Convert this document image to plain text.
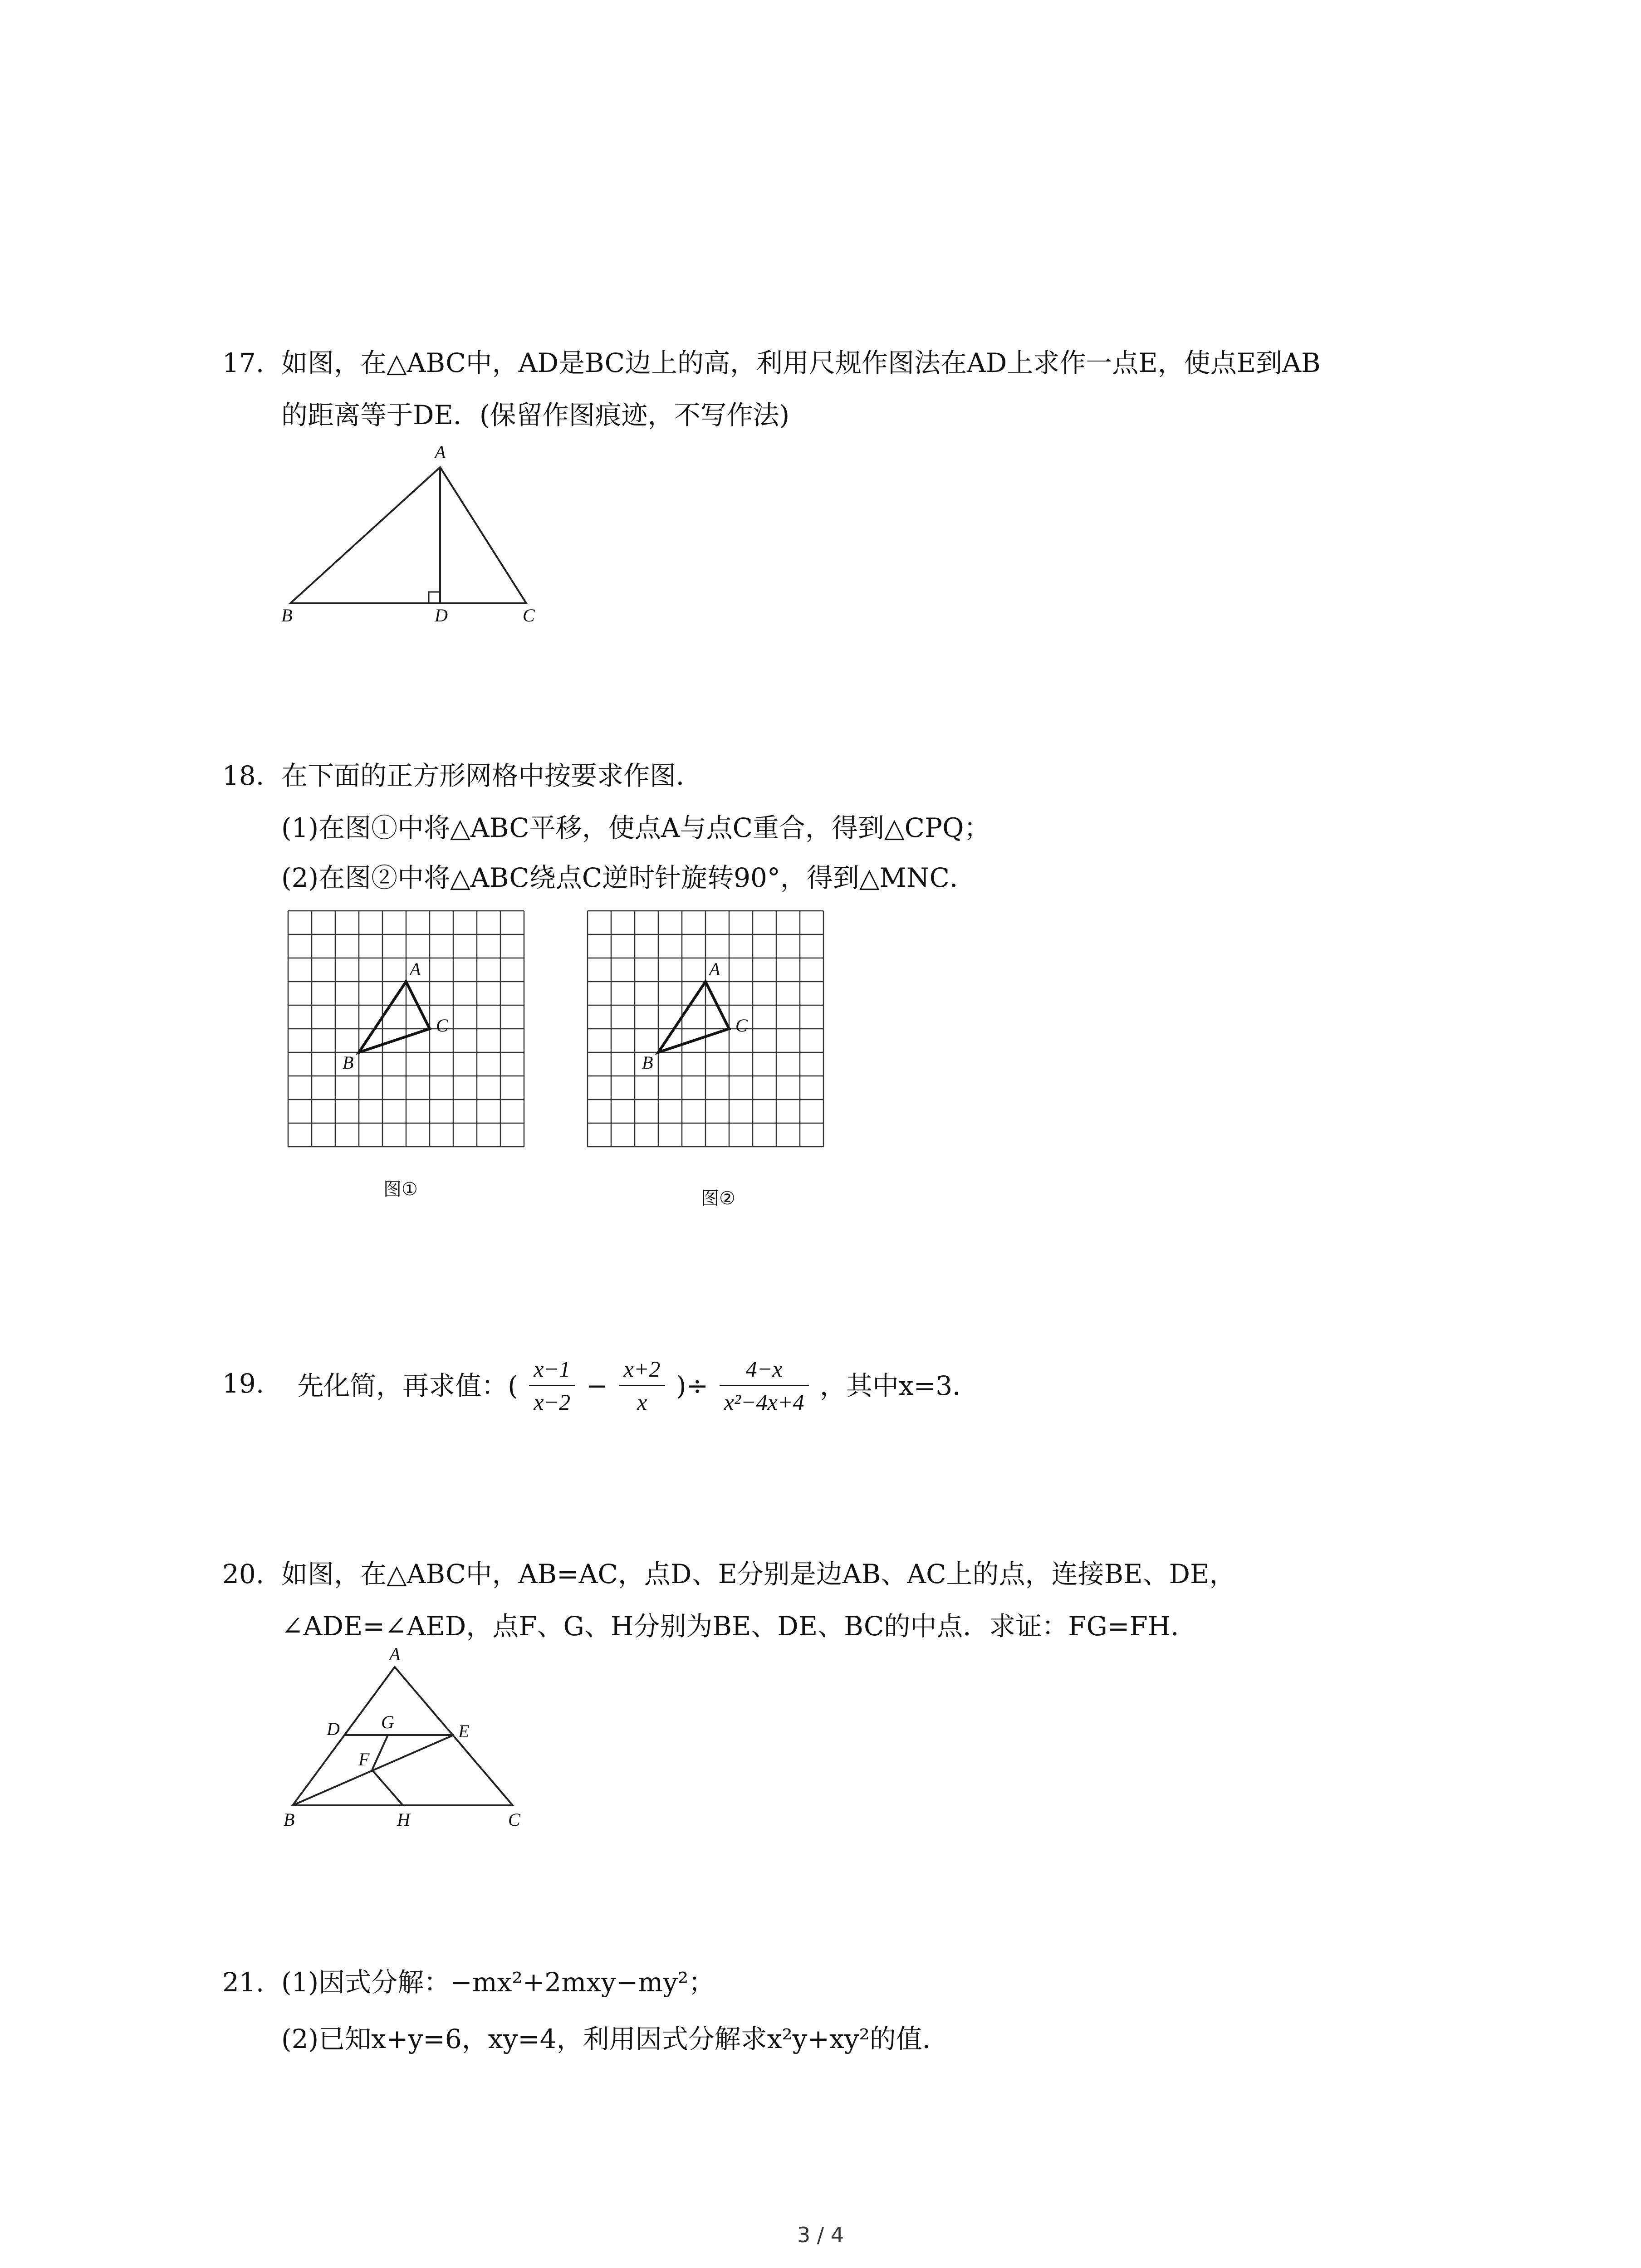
17. 如图，在△ABC中，AD是BC边上的高，利用尺规作图法在AD上求作一点E，使点E到AB
的距离等于DE．(保留作图痕迹，不写作法)
A
B	D	C
18. 在下面的正方形网格中按要求作图．
(1)在图①中将△ABC平移，使点A与点C重合，得到△CPQ；
(2)在图②中将△ABC绕点C逆时针旋转90°，得到△MNC．
A
B
C
A
B
C
图①	图②
19. 先化简，再求值：( $\frac{x-1}{x-2} - \frac{x+2}{x}$ )÷ $\frac{4-x}{\text{x²−4x+4}}$ ，其中x=3．
20. 如图，在△ABC中，AB=AC，点D、E分别是边AB、AC上的点，连接BE、DE，
∠ADE=∠AED，点F、G、H分别为BE、DE、BC的中点．求证：FG=FH．
A
D G	E
F
B	H	C
21. (1)因式分解：−mx²+2mxy−my²；
(2)已知x+y=6，xy=4，利用因式分解求x²y+xy²的值．
3 / 4
